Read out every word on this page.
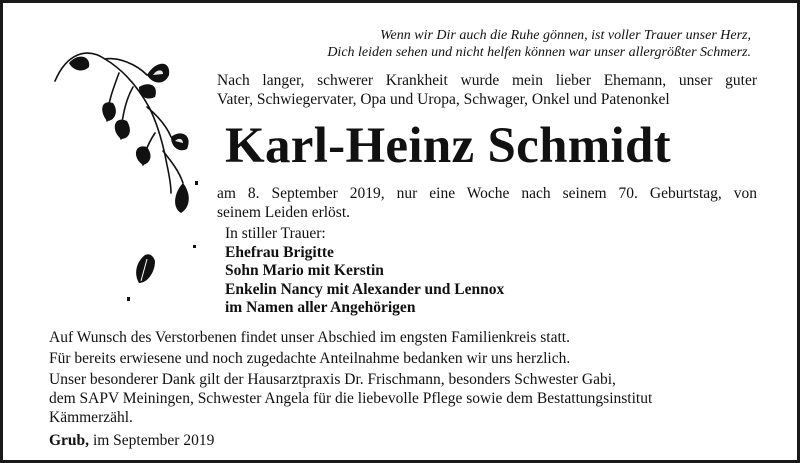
Wenn wir Dir auch die Ruhe gönnen, ist voller Trauer unser Herz,
Dich leiden sehen und nicht helfen können war unser allergrößter Schmerz.
Nach langer, schwerer Krankheit wurde mein lieber Ehemann, unser guter
Vater, Schwiegervater, Opa und Uropa, Schwager, Onkel und Patenonkel
Karl-Heinz Schmidt
am 8. September 2019, nur eine Woche nach seinem 70. Geburtstag, von
seinem Leiden erlöst.
In stiller Trauer:
Ehefrau Brigitte
Sohn Mario mit Kerstin
Enkelin Nancy mit Alexander und Lennox
im Namen aller Angehörigen
Auf Wunsch des Verstorbenen findet unser Abschied im engsten Familienkreis statt.
Für bereits erwiesene und noch zugedachte Anteilnahme bedanken wir uns herzlich.
Unser besonderer Dank gilt der Hausarztpraxis Dr. Frischmann, besonders Schwester Gabi,
dem SAPV Meiningen, Schwester Angela für die liebevolle Pflege sowie dem Bestattungsinstitut
Kämmerzähl.
Grub, im September 2019
